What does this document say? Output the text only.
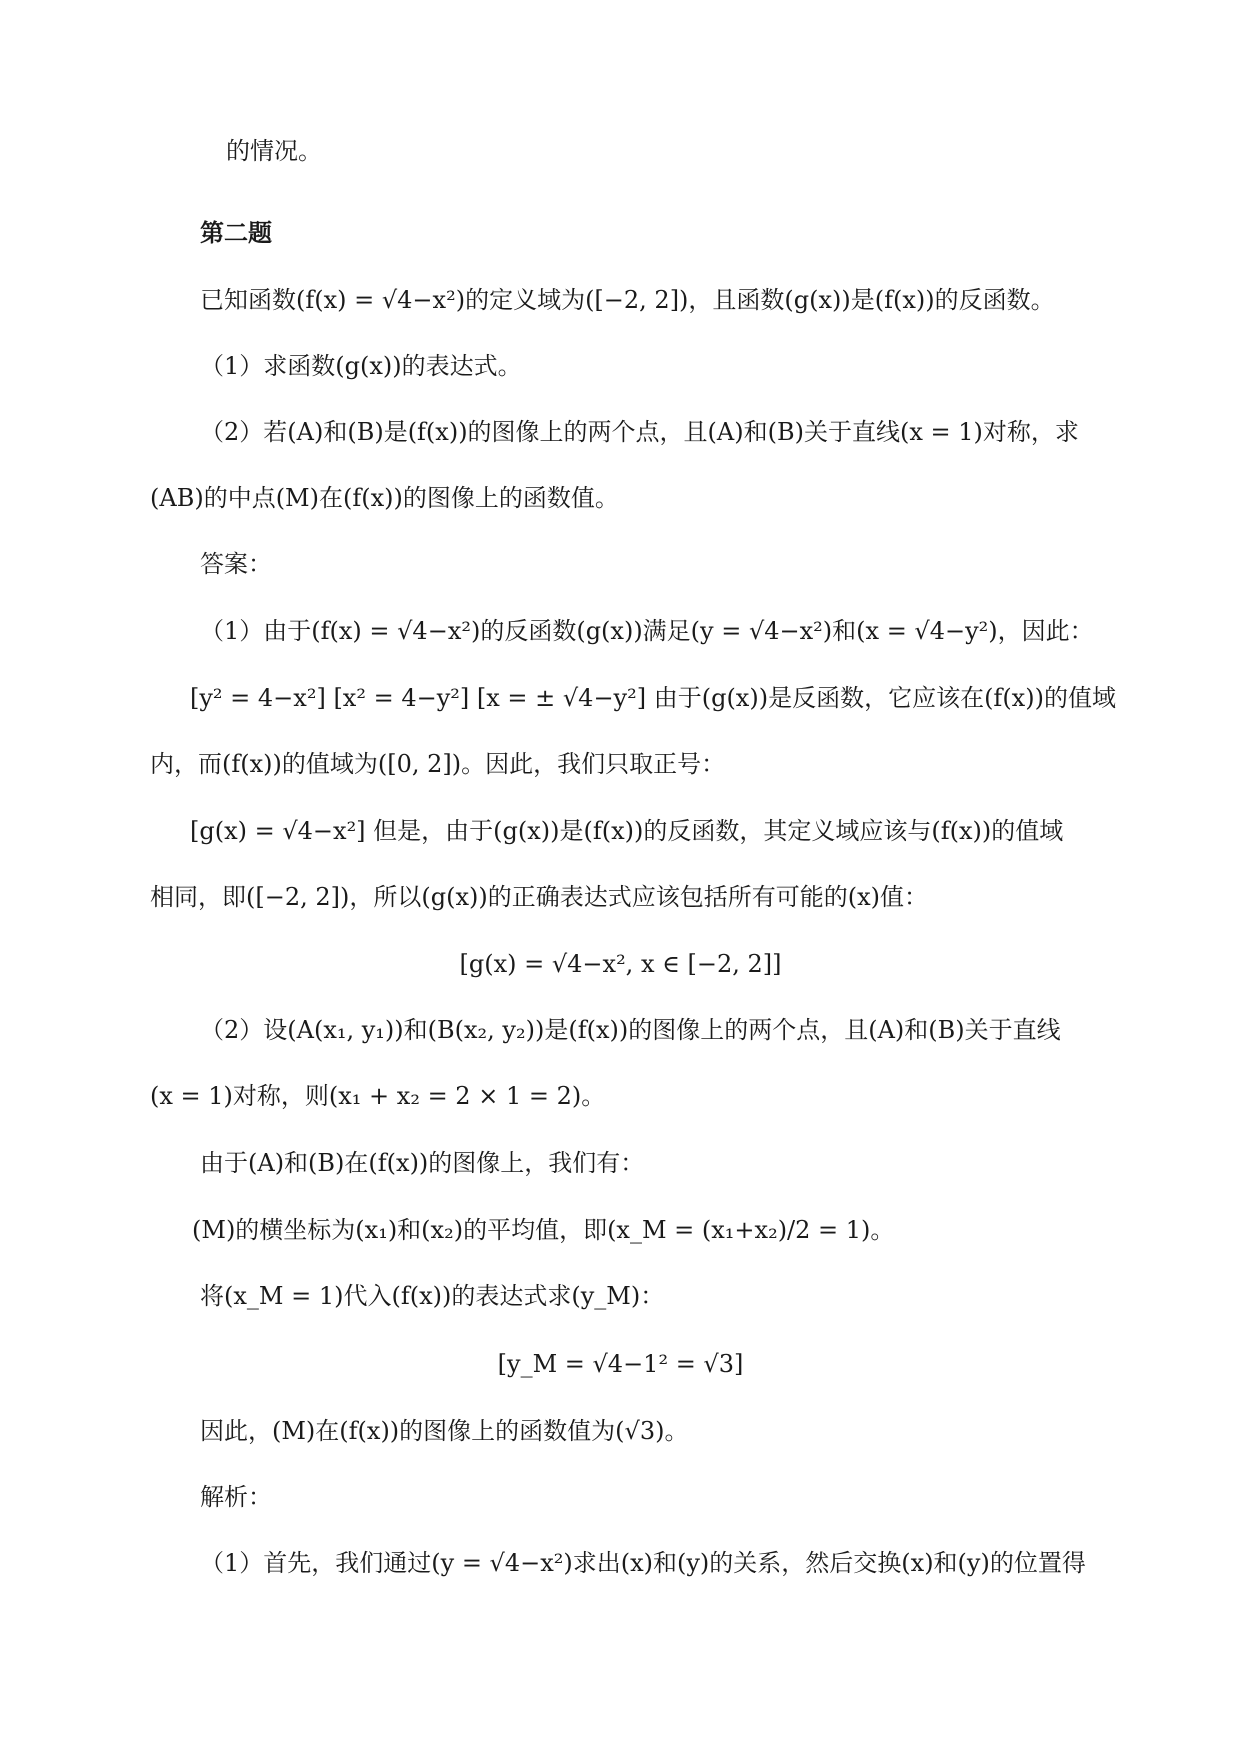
的情况。
第二题
已知函数(f(x) = √4−x²)的定义域为([−2, 2])，且函数(g(x))是(f(x))的反函数。
（1）求函数(g(x))的表达式。
（2）若(A)和(B)是(f(x))的图像上的两个点，且(A)和(B)关于直线(x = 1)对称，求
(AB)的中点(M)在(f(x))的图像上的函数值。
答案：
（1）由于(f(x) = √4−x²)的反函数(g(x))满足(y = √4−x²)和(x = √4−y²)，因此：
[y² = 4−x²] [x² = 4−y²] [x = ± √4−y²] 由于(g(x))是反函数，它应该在(f(x))的值域
内，而(f(x))的值域为([0, 2])。因此，我们只取正号：
[g(x) = √4−x²] 但是，由于(g(x))是(f(x))的反函数，其定义域应该与(f(x))的值域
相同，即([−2, 2])，所以(g(x))的正确表达式应该包括所有可能的(x)值：
[g(x) = √4−x², x ∈ [−2, 2]]
（2）设(A(x₁, y₁))和(B(x₂, y₂))是(f(x))的图像上的两个点，且(A)和(B)关于直线
(x = 1)对称，则(x₁ + x₂ = 2 × 1 = 2)。
由于(A)和(B)在(f(x))的图像上，我们有：
(M)的横坐标为(x₁)和(x₂)的平均值，即(x_M = (x₁+x₂)/2 = 1)。
将(x_M = 1)代入(f(x))的表达式求(y_M)：
[y_M = √4−1² = √3]
因此，(M)在(f(x))的图像上的函数值为(√3)。
解析：
（1）首先，我们通过(y = √4−x²)求出(x)和(y)的关系，然后交换(x)和(y)的位置得
